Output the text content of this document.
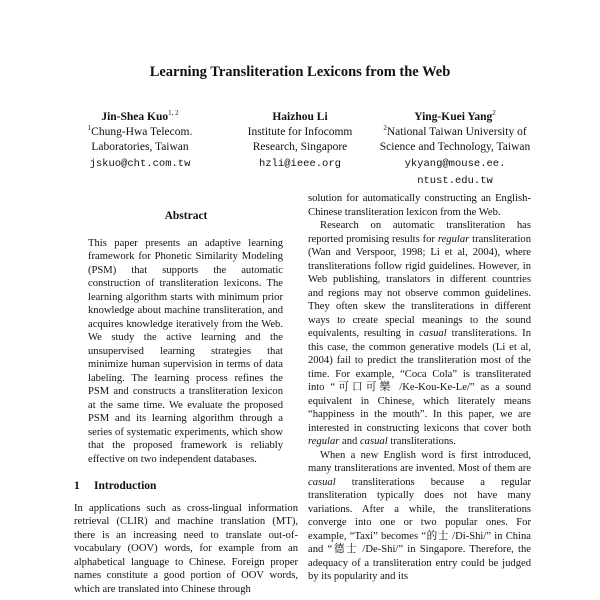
Learning Transliteration Lexicons from the Web
Jin-Shea Kuo$^{1, 2}$
$^1$Chung-Hwa Telecom.
Laboratories, Taiwan
jskuo@cht.com.tw
Haizhou Li
Institute for Infocomm
Research, Singapore
hzli@ieee.org
Ying-Kuei Yang$^2$
$^2$National Taiwan University of
Science and Technology, Taiwan
ykyang@mouse.ee.
ntust.edu.tw
Abstract

This paper presents an adaptive learning framework for Phonetic Similarity Modeling (PSM) that supports the automatic construction of transliteration lexicons. The learning algorithm starts with minimum prior knowledge about machine transliteration, and acquires knowledge iteratively from the Web. We study the active learning and the unsupervised learning strategies that minimize human supervision in terms of data labeling. The learning process refines the PSM and constructs a transliteration lexicon at the same time. We evaluate the proposed PSM and its learning algorithm through a series of systematic experiments, which show that the proposed framework is reliably effective on two independent databases.

1 Introduction

In applications such as cross-lingual information retrieval (CLIR) and machine translation (MT), there is an increasing need to translate out-of-vocabulary (OOV) words, for example from an alphabetical language to Chinese. Foreign proper names constitute a good portion of OOV words, which are translated into Chinese through

solution for automatically constructing an English-Chinese transliteration lexicon from the Web.

Research on automatic transliteration has reported promising results for regular transliteration (Wan and Verspoor, 1998; Li et al, 2004), where transliterations follow rigid guidelines. However, in Web publishing, translators in different countries and regions may not observe common guidelines. They often skew the transliterations in different ways to create special meanings to the sound equivalents, resulting in casual transliterations. In this case, the common generative models (Li et al, 2004) fail to predict the transliteration most of the time. For example, “Coca Cola” is transliterated into “可口可樂 /Ke-Kou-Ke-Le/” as a sound equivalent in Chinese, which literately means “happiness in the mouth”. In this paper, we are interested in constructing lexicons that cover both regular and casual transliterations.

When a new English word is first introduced, many transliterations are invented. Most of them are casual transliterations because a regular transliteration typically does not have many variations. After a while, the transliterations converge into one or two popular ones. For example, “Taxi” becomes “的士 /Di-Shi/” in China and “德士 /De-Shi/” in Singapore. Therefore, the adequacy of a transliteration entry could be judged by its popularity and its
